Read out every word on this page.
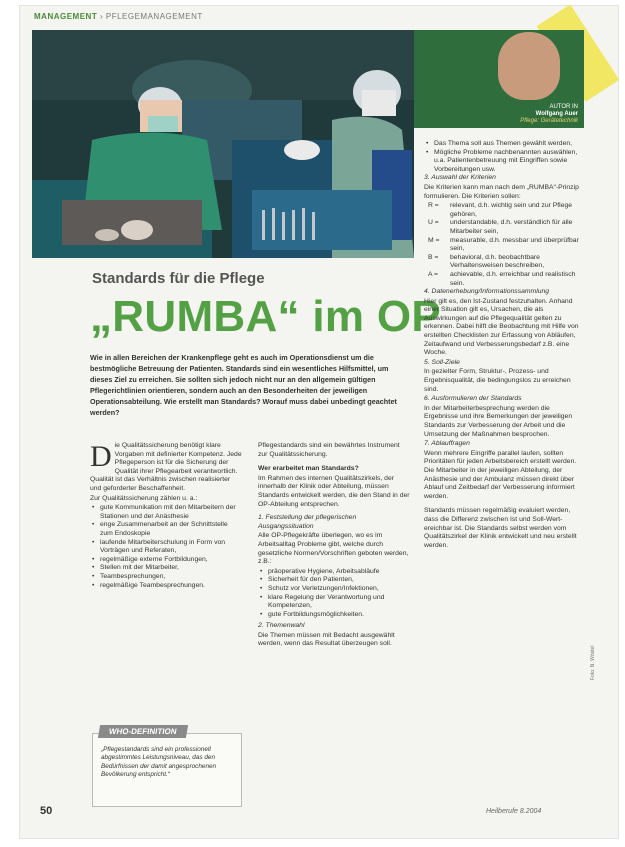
MANAGEMENT › PFLEGEMANAGEMENT
AUTOR IN
Wolfgang Auer
Pflege: Gerätetechnik
Standards für die Pflege
„RUMBA“ im OP
Wie in allen Bereichen der Krankenpflege geht es auch im Operationsdienst um die bestmögliche Betreuung der Patienten. Standards sind ein wesentliches Hilfsmittel, um dieses Ziel zu erreichen. Sie sollten sich jedoch nicht nur an den allgemein gültigen Pflegerichtlinien orientieren, sondern auch an den Besonderheiten der jeweiligen Operationsabteilung. Wie erstellt man Standards? Worauf muss dabei unbedingt geachtet werden?

Die Qualitätssicherung benötigt klare Vorgaben mit definierter Kompetenz. Jede Pflegeperson ist für die Sicherung der Qualität ihrer Pflegearbeit verantwortlich. Qualität ist das Verhältnis zwischen realisierter und geforderter Beschaffenheit.

Zur Qualitätssicherung zählen u. a.:

• gute Kommunikation mit den Mitarbeitern der Stationen und der Anästhesie
• enge Zusammenarbeit an der Schnittstelle zum Endoskopie
• laufende Mitarbeiterschulung in Form von Vorträgen und Referaten,
• regelmäßige externe Fortbildungen,
• Stellen mit der Mitarbeiter,
• Teambesprechungen,
• regelmäßige Teambesprechungen.
WHO-DEFINITION
„Pflegestandards sind ein professionell abgestimmtes Leistungsniveau, das den Bedürfnissen der damit angesprochenen Bevölkerung entspricht.“

Pflegestandards sind ein bewährtes Instrument zur Qualitätssicherung.

Wer erarbeitet man Standards?

Im Rahmen des internen Qualitätszirkels, der innerhalb der Klinik oder Abteilung, müssen Standards entwickelt werden, die den Stand in der OP-Abteilung entsprechen.

1. Feststellung der pflegerischen Ausgangssituation

Alle OP-Pflegekräfte überlegen, wo es im Arbeitsalltag Probleme gibt, welche durch gesetzliche Normen/Vorschriften geboten werden, z.B.:

• präoperative Hygiene, Arbeitsabläufe
• Sicherheit für den Patienten,
• Schutz vor Verletzungen/Infektionen,
• klare Regelung der Verantwortung und Kompetenzen,
• gute Fortbildungsmöglichkeiten.

2. Themenwahl

Die Themen müssen mit Bedacht ausgewählt werden, wenn das Resultat überzeugen soll.

• Das Thema soll aus Themen gewählt werden,
• Mögliche Probleme nachbenannten auswählen, u.a. Patientenbetreuung mit Eingriffen sowie Vorbereitungen usw.

3. Auswahl der Kriterien

Die Kriterien kann man nach dem „RUMBA“-Prinzip formulieren. Die Kriterien sollen:

R =	relevant, d.h. wichtig sein und zur Pflege gehören,
U =	understandable, d.h. verständlich für alle Mitarbeiter sein,
M =	measurable, d.h. messbar und überprüfbar sein,
B =	behavioral, d.h. beobachtbare Verhaltensweisen beschreiben,
A =	achievable, d.h. erreichbar und realistisch sein.

4. Datenerhebung/Informationssammlung

Hier gilt es, den Ist-Zustand festzuhalten. Anhand einer Situation gilt es, Ursachen, die als Auswirkungen auf die Pflegequalität gelten zu erkennen. Dabei hilft die Beobachtung mit Hilfe von erstellten Checklisten zur Erfassung von Abläufen, Zeitaufwand und Verbesserungsbedarf z.B. eine Woche.

5. Soll-Ziele

In gezielter Form, Struktur-, Prozess- und Ergebnisqualität, die bedingungslos zu erreichen sind.

6. Ausformulieren der Standards

In der Mitarbeiterbesprechung werden die Ergebnisse und ihre Bemerkungen der jeweiligen Standards zur Verbesserung der Arbeit und die Umsetzung der Maßnahmen besprochen.

7. Ablauffragen

Wenn mehrere Eingriffe parallel laufen, sollten Prioritäten für jeden Arbeitsbereich erstellt werden. Die Mitarbeiter in der jeweiligen Abteilung, der Anästhesie und der Ambulanz müssen direkt über Ablauf und Zeitbedarf der Verbesserung informiert werden.

Standards müssen regelmäßig evaluiert werden, dass die Differenz zwischen Ist und Soll-Wertereichbar ist. Die Standards selbst werden vom Qualitätszirkel der Klinik entwickelt und neu erstellt werden.

Foto: N. Wöstel
50	Heilberufe 8.2004
